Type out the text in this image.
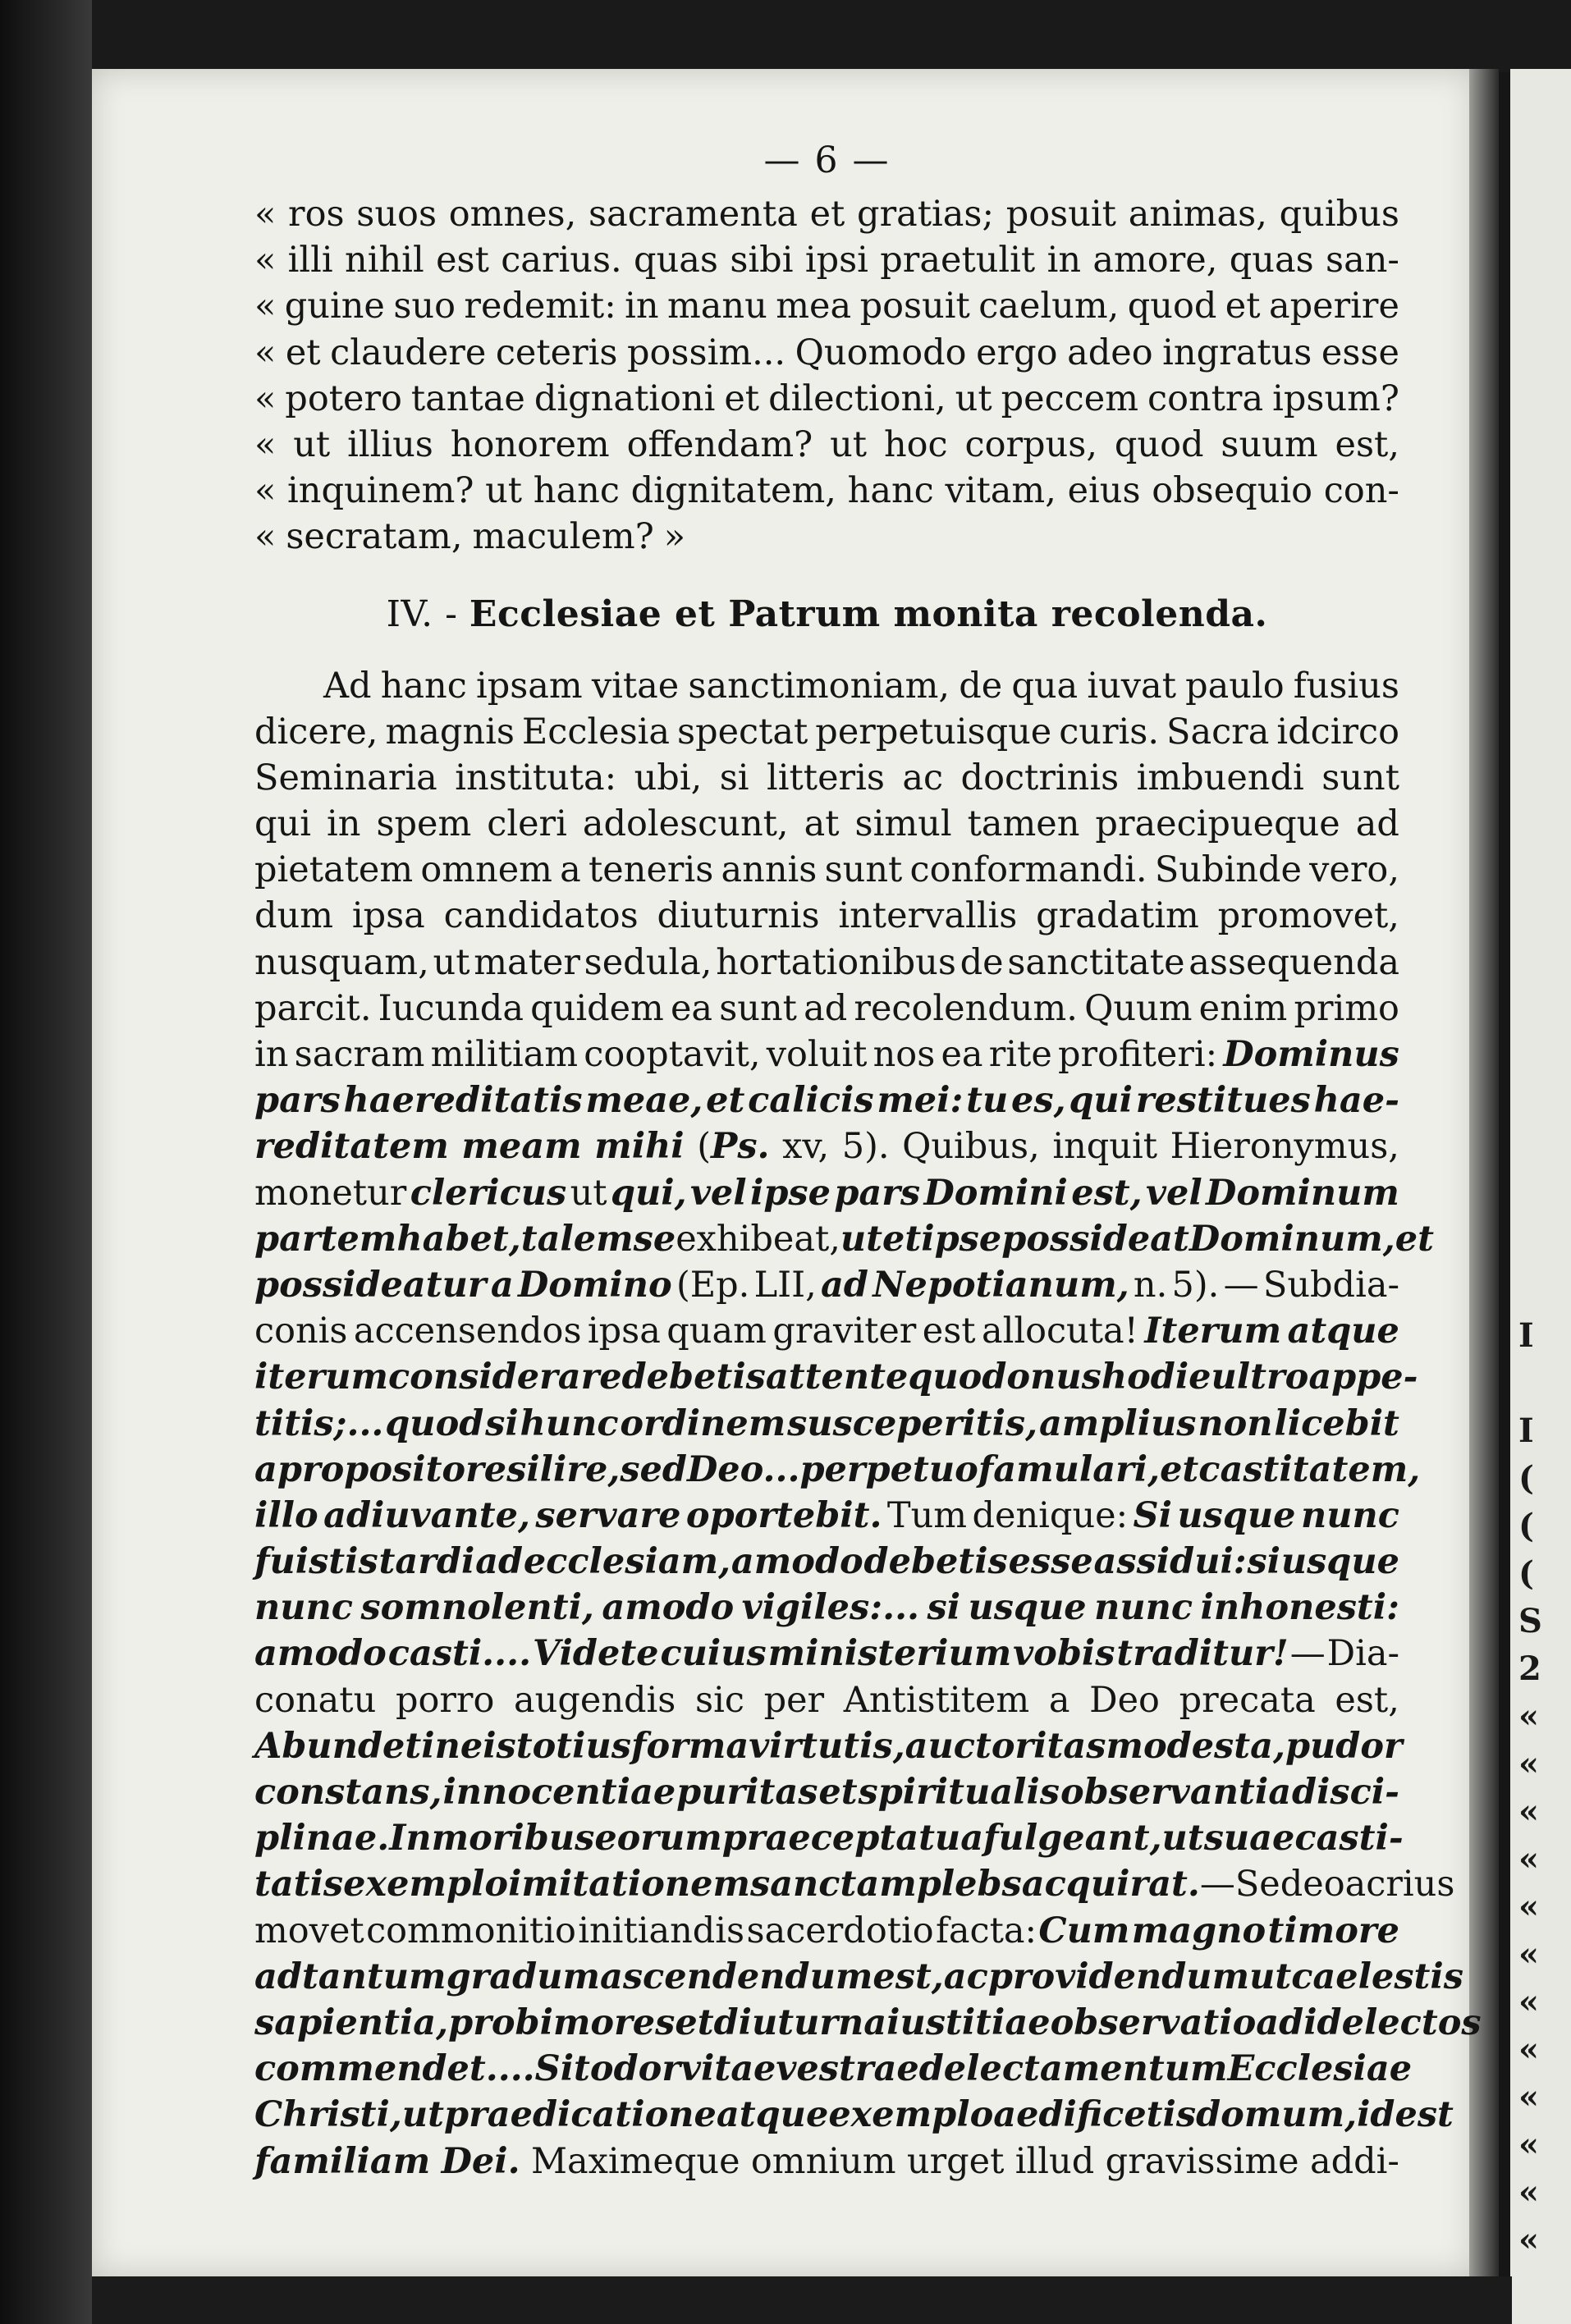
I
I
(
(
(
S
2
«
«
«
«
«
«
«
«
«
«
«
«
— 6 —
« ros suos omnes, sacramenta et gratias; posuit animas, quibus
« illi nihil est carius. quas sibi ipsi praetulit in amore, quas san-
« guine suo redemit: in manu mea posuit caelum, quod et aperire
« et claudere ceteris possim... Quomodo ergo adeo ingratus esse
« potero tantae dignationi et dilectioni, ut peccem contra ipsum?
« ut illius honorem offendam? ut hoc corpus, quod suum est,
« inquinem? ut hanc dignitatem, hanc vitam, eius obsequio con-
« secratam, maculem? »
IV. - Ecclesiae et Patrum monita recolenda.
Ad hanc ipsam vitae sanctimoniam, de qua iuvat paulo fusius
dicere, magnis Ecclesia spectat perpetuisque curis. Sacra idcirco
Seminaria instituta: ubi, si litteris ac doctrinis imbuendi sunt
qui in spem cleri adolescunt, at simul tamen praecipueque ad
pietatem omnem a teneris annis sunt conformandi. Subinde vero,
dum ipsa candidatos diuturnis intervallis gradatim promovet,
nusquam, ut mater sedula, hortationibus de sanctitate assequenda
parcit. Iucunda quidem ea sunt ad recolendum. Quum enim primo
in sacram militiam cooptavit, voluit nos ea rite profiteri: Dominus
pars haereditatis meae, et calicis mei: tu es, qui restitues hae-
reditatem meam mihi (Ps. xv, 5). Quibus, inquit Hieronymus,
monetur clericus ut qui, vel ipse pars Domini est, vel Dominum
partem habet, talem se exhibeat, ut et ipse possideat Dominum, et
possideatur a Domino (Ep. LII, ad Nepotianum, n. 5). — Subdia-
conis accensendos ipsa quam graviter est allocuta! Iterum atque
iterum considerare debetis attente quod onus hodie ultro appe-
titis;... quod si hunc ordinem susceperitis, amplius non licebit
a proposito resilire, sed Deo... perpetuo famulari, et castitatem,
illo adiuvante, servare oportebit. Tum denique: Si usque nunc
fuistis tardi ad ecclesiam, amodo debetis esse assidui: si usque
nunc somnolenti, amodo vigiles:... si usque nunc inhonesti:
amodo casti.... Videte cuius ministerium vobis traditur! — Dia-
conatu porro augendis sic per Antistitem a Deo precata est,
Abundet in eis totius forma virtutis, auctoritas modesta, pudor
constans, innocentiae puritas et spiritualis observantia disci-
plinae. In moribus eorum praecepta tua fulgeant, ut suae casti-
tatis exemplo imitationem sanctam plebs acquirat. — Sed eo acrius
movet commonitio initiandis sacerdotio facta: Cum magno timore
ad tantum gradum ascendendum est, ac providendum ut caelestis
sapientia, probi mores et diuturna iustitiae observatio ad id electos
commendet.... Sit odor vitae vestrae delectamentum Ecclesiae
Christi, ut praedicatione atque exemplo aedificetis domum, idest
familiam Dei. Maximeque omnium urget illud gravissime addi-
